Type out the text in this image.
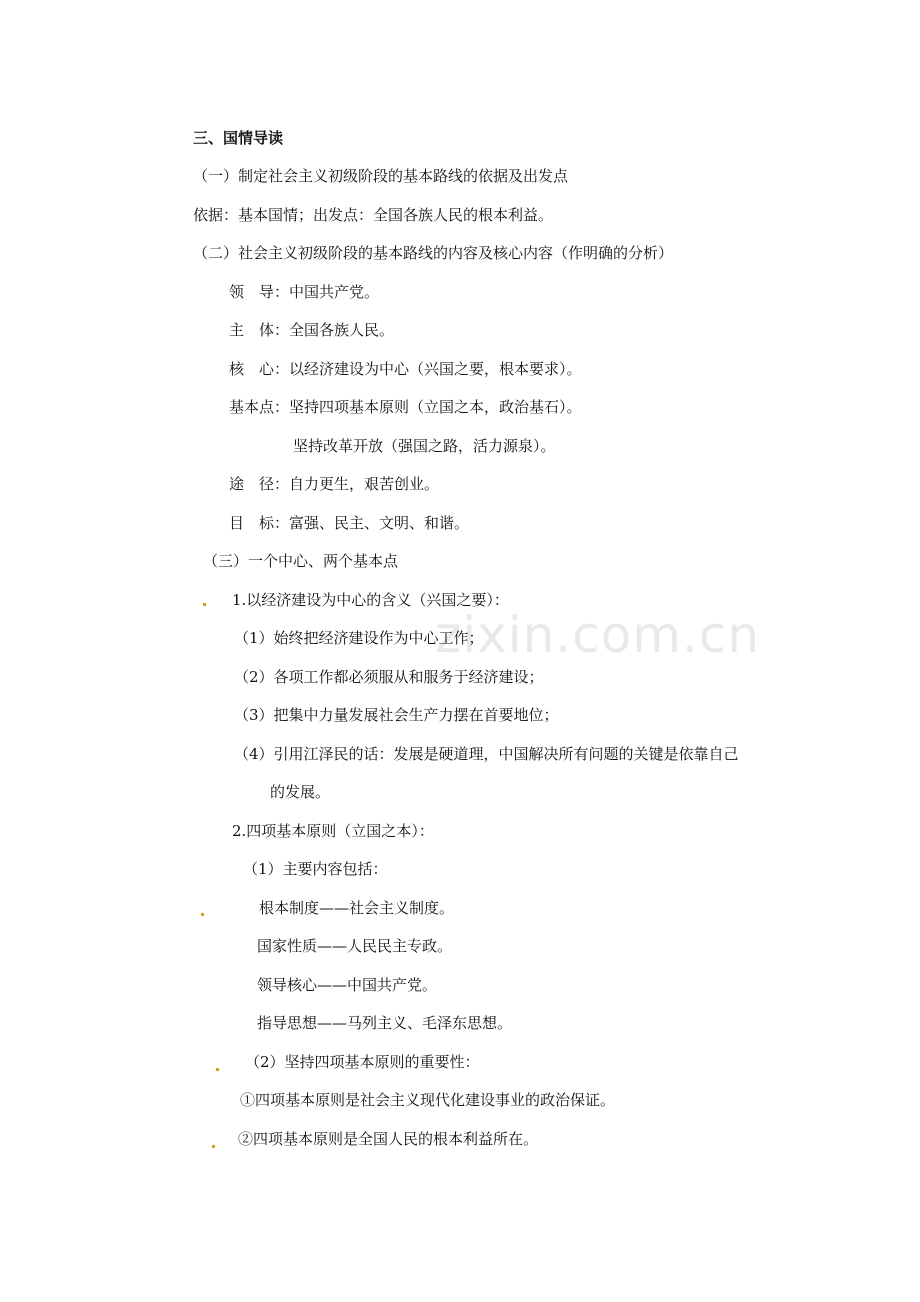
zixin.com.cn
三、国情导读
（一）制定社会主义初级阶段的基本路线的依据及出发点
依据：基本国情；出发点：全国各族人民的根本利益。
（二）社会主义初级阶段的基本路线的内容及核心内容（作明确的分析）
领　导：中国共产党。
主　体：全国各族人民。
核　心：以经济建设为中心（兴国之要，根本要求）。
基本点：坚持四项基本原则（立国之本，政治基石）。
坚持改革开放（强国之路，活力源泉）。
途　径：自力更生，艰苦创业。
目　标：富强、民主、文明、和谐。
（三）一个中心、两个基本点
1.以经济建设为中心的含义（兴国之要）：
（1）始终把经济建设作为中心工作；
（2）各项工作都必须服从和服务于经济建设；
（3）把集中力量发展社会生产力摆在首要地位；
（4）引用江泽民的话：发展是硬道理，中国解决所有问题的关键是依靠自己
的发展。
2.四项基本原则（立国之本）：
（1）主要内容包括：
根本制度——社会主义制度。
国家性质——人民民主专政。
领导核心——中国共产党。
指导思想——马列主义、毛泽东思想。
（2）坚持四项基本原则的重要性：
①四项基本原则是社会主义现代化建设事业的政治保证。
②四项基本原则是全国人民的根本利益所在。
